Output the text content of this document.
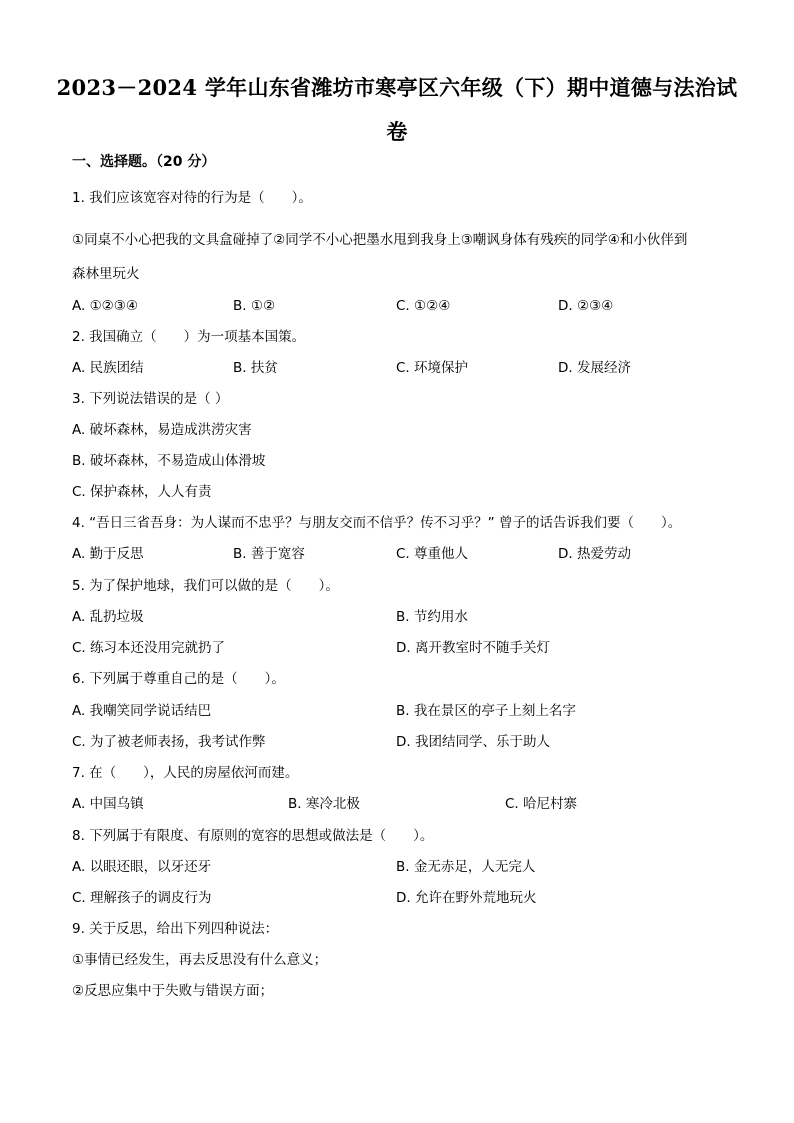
2023－2024 学年山东省潍坊市寒亭区六年级（下）期中道德与法治试
卷
一、选择题。（20 分）
1. 我们应该宽容对待的行为是（　　）。
①同桌不小心把我的文具盒碰掉了②同学不小心把墨水甩到我身上③嘲讽身体有残疾的同学④和小伙伴到
森林里玩火
A. ①②③④	B. ①②	C. ①②④	D. ②③④
2. 我国确立（　　）为一项基本国策。
A. 民族团结	B. 扶贫	C. 环境保护	D. 发展经济
3. 下列说法错误的是（ ）
A. 破坏森林，易造成洪涝灾害
B. 破坏森林，不易造成山体滑坡
C. 保护森林，人人有责
4. “吾日三省吾身：为人谋而不忠乎？与朋友交而不信乎？传不习乎？” 曾子的话告诉我们要（　　）。
A. 勤于反思	B. 善于宽容	C. 尊重他人	D. 热爱劳动
5. 为了保护地球，我们可以做的是（　　）。
A. 乱扔垃圾	B. 节约用水
C. 练习本还没用完就扔了	D. 离开教室时不随手关灯
6. 下列属于尊重自己的是（　　）。
A. 我嘲笑同学说话结巴	B. 我在景区的亭子上刻上名字
C. 为了被老师表扬，我考试作弊	D. 我团结同学、乐于助人
7. 在（　　），人民的房屋依河而建。
A. 中国乌镇	B. 寒冷北极	C. 哈尼村寨
8. 下列属于有限度、有原则的宽容的思想或做法是（　　）。
A. 以眼还眼，以牙还牙	B. 金无赤足，人无完人
C. 理解孩子的调皮行为	D. 允许在野外荒地玩火
9. 关于反思，给出下列四种说法：
①事情已经发生，再去反思没有什么意义；
②反思应集中于失败与错误方面；
